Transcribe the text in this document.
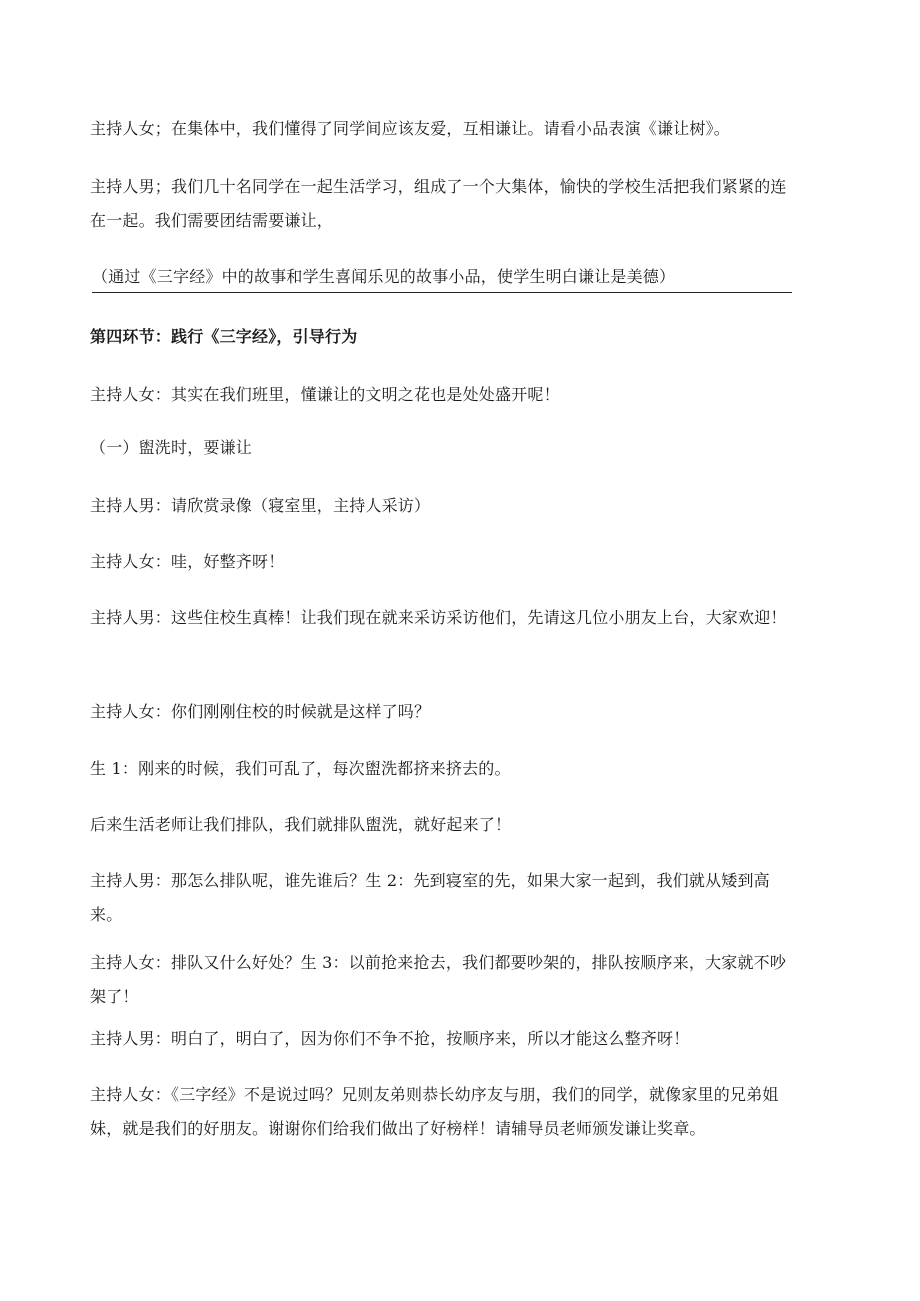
主持人女；在集体中，我们懂得了同学间应该友爱，互相谦让。请看小品表演《谦让树》。

主持人男；我们几十名同学在一起生活学习，组成了一个大集体，愉快的学校生活把我们紧紧的连在一起。我们需要团结需要谦让，

（通过《三字经》中的故事和学生喜闻乐见的故事小品，使学生明白谦让是美德）

第四环节：践行《三字经》，引导行为

主持人女：其实在我们班里，懂谦让的文明之花也是处处盛开呢！

（一）盥洗时，要谦让

主持人男：请欣赏录像（寝室里，主持人采访）

主持人女：哇，好整齐呀！

主持人男：这些住校生真棒！让我们现在就来采访采访他们，先请这几位小朋友上台，大家欢迎！

主持人女：你们刚刚住校的时候就是这样了吗？

生 1：刚来的时候，我们可乱了，每次盥洗都挤来挤去的。

后来生活老师让我们排队，我们就排队盥洗，就好起来了！

主持人男：那怎么排队呢，谁先谁后？生 2：先到寝室的先，如果大家一起到，我们就从矮到高来。

主持人女：排队又什么好处？生 3：以前抢来抢去，我们都要吵架的，排队按顺序来，大家就不吵架了！

主持人男：明白了，明白了，因为你们不争不抢，按顺序来，所以才能这么整齐呀！

主持人女：《三字经》不是说过吗？兄则友弟则恭长幼序友与朋，我们的同学，就像家里的兄弟姐妹，就是我们的好朋友。谢谢你们给我们做出了好榜样！请辅导员老师颁发谦让奖章。
